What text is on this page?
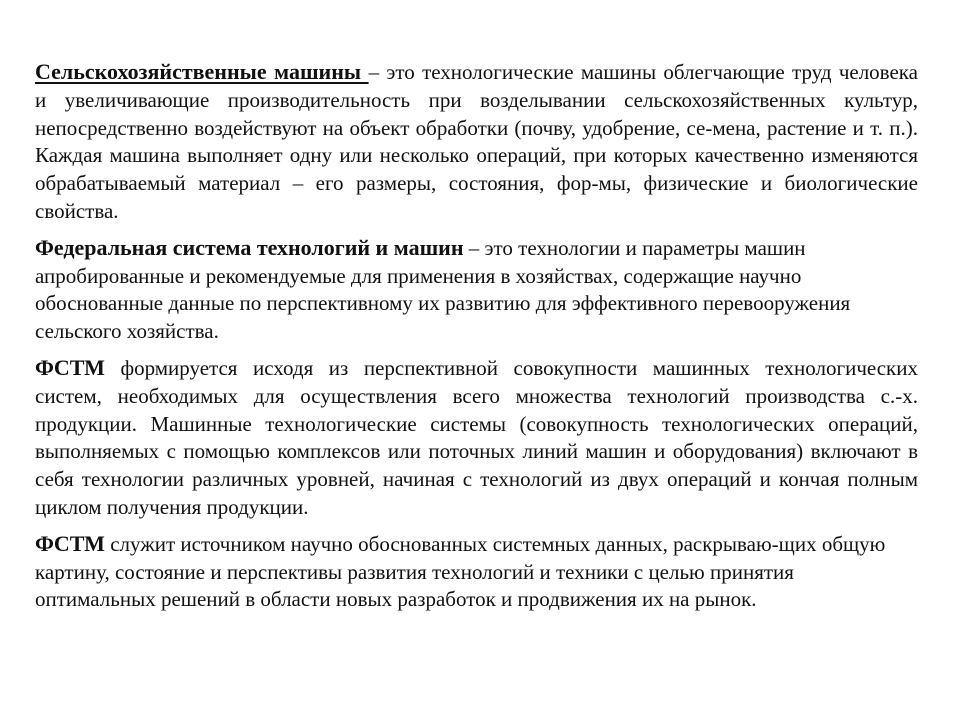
Сельскохозяйственные машины – это технологические машины облегчающие труд человека и увеличивающие производительность при возделывании сельскохозяйственных культур, непосредственно воздействуют на объект обработки (почву, удобрение, се-мена, растение и т. п.). Каждая машина выполняет одну или несколько операций, при которых качественно изменяются обрабатываемый материал – его размеры, состояния, фор-мы, физические и биологические свойства.

Федеральная система технологий и машин – это технологии и параметры машин апробированные и рекомендуемые для применения в хозяйствах, содержащие научно обоснованные данные по перспективному их развитию для эффективного перевооружения сельского хозяйства.

ФСТМ формируется исходя из перспективной совокупности машинных технологических систем, необходимых для осуществления всего множества технологий производства с.-х. продукции. Машинные технологические системы (совокупность технологических операций, выполняемых с помощью комплексов или поточных линий машин и оборудования) включают в себя технологии различных уровней, начиная с технологий из двух операций и кончая полным циклом получения продукции.

ФСТМ служит источником научно обоснованных системных данных, раскрываю-щих общую картину, состояние и перспективы развития технологий и техники с целью принятия оптимальных решений в области новых разработок и продвижения их на рынок.
